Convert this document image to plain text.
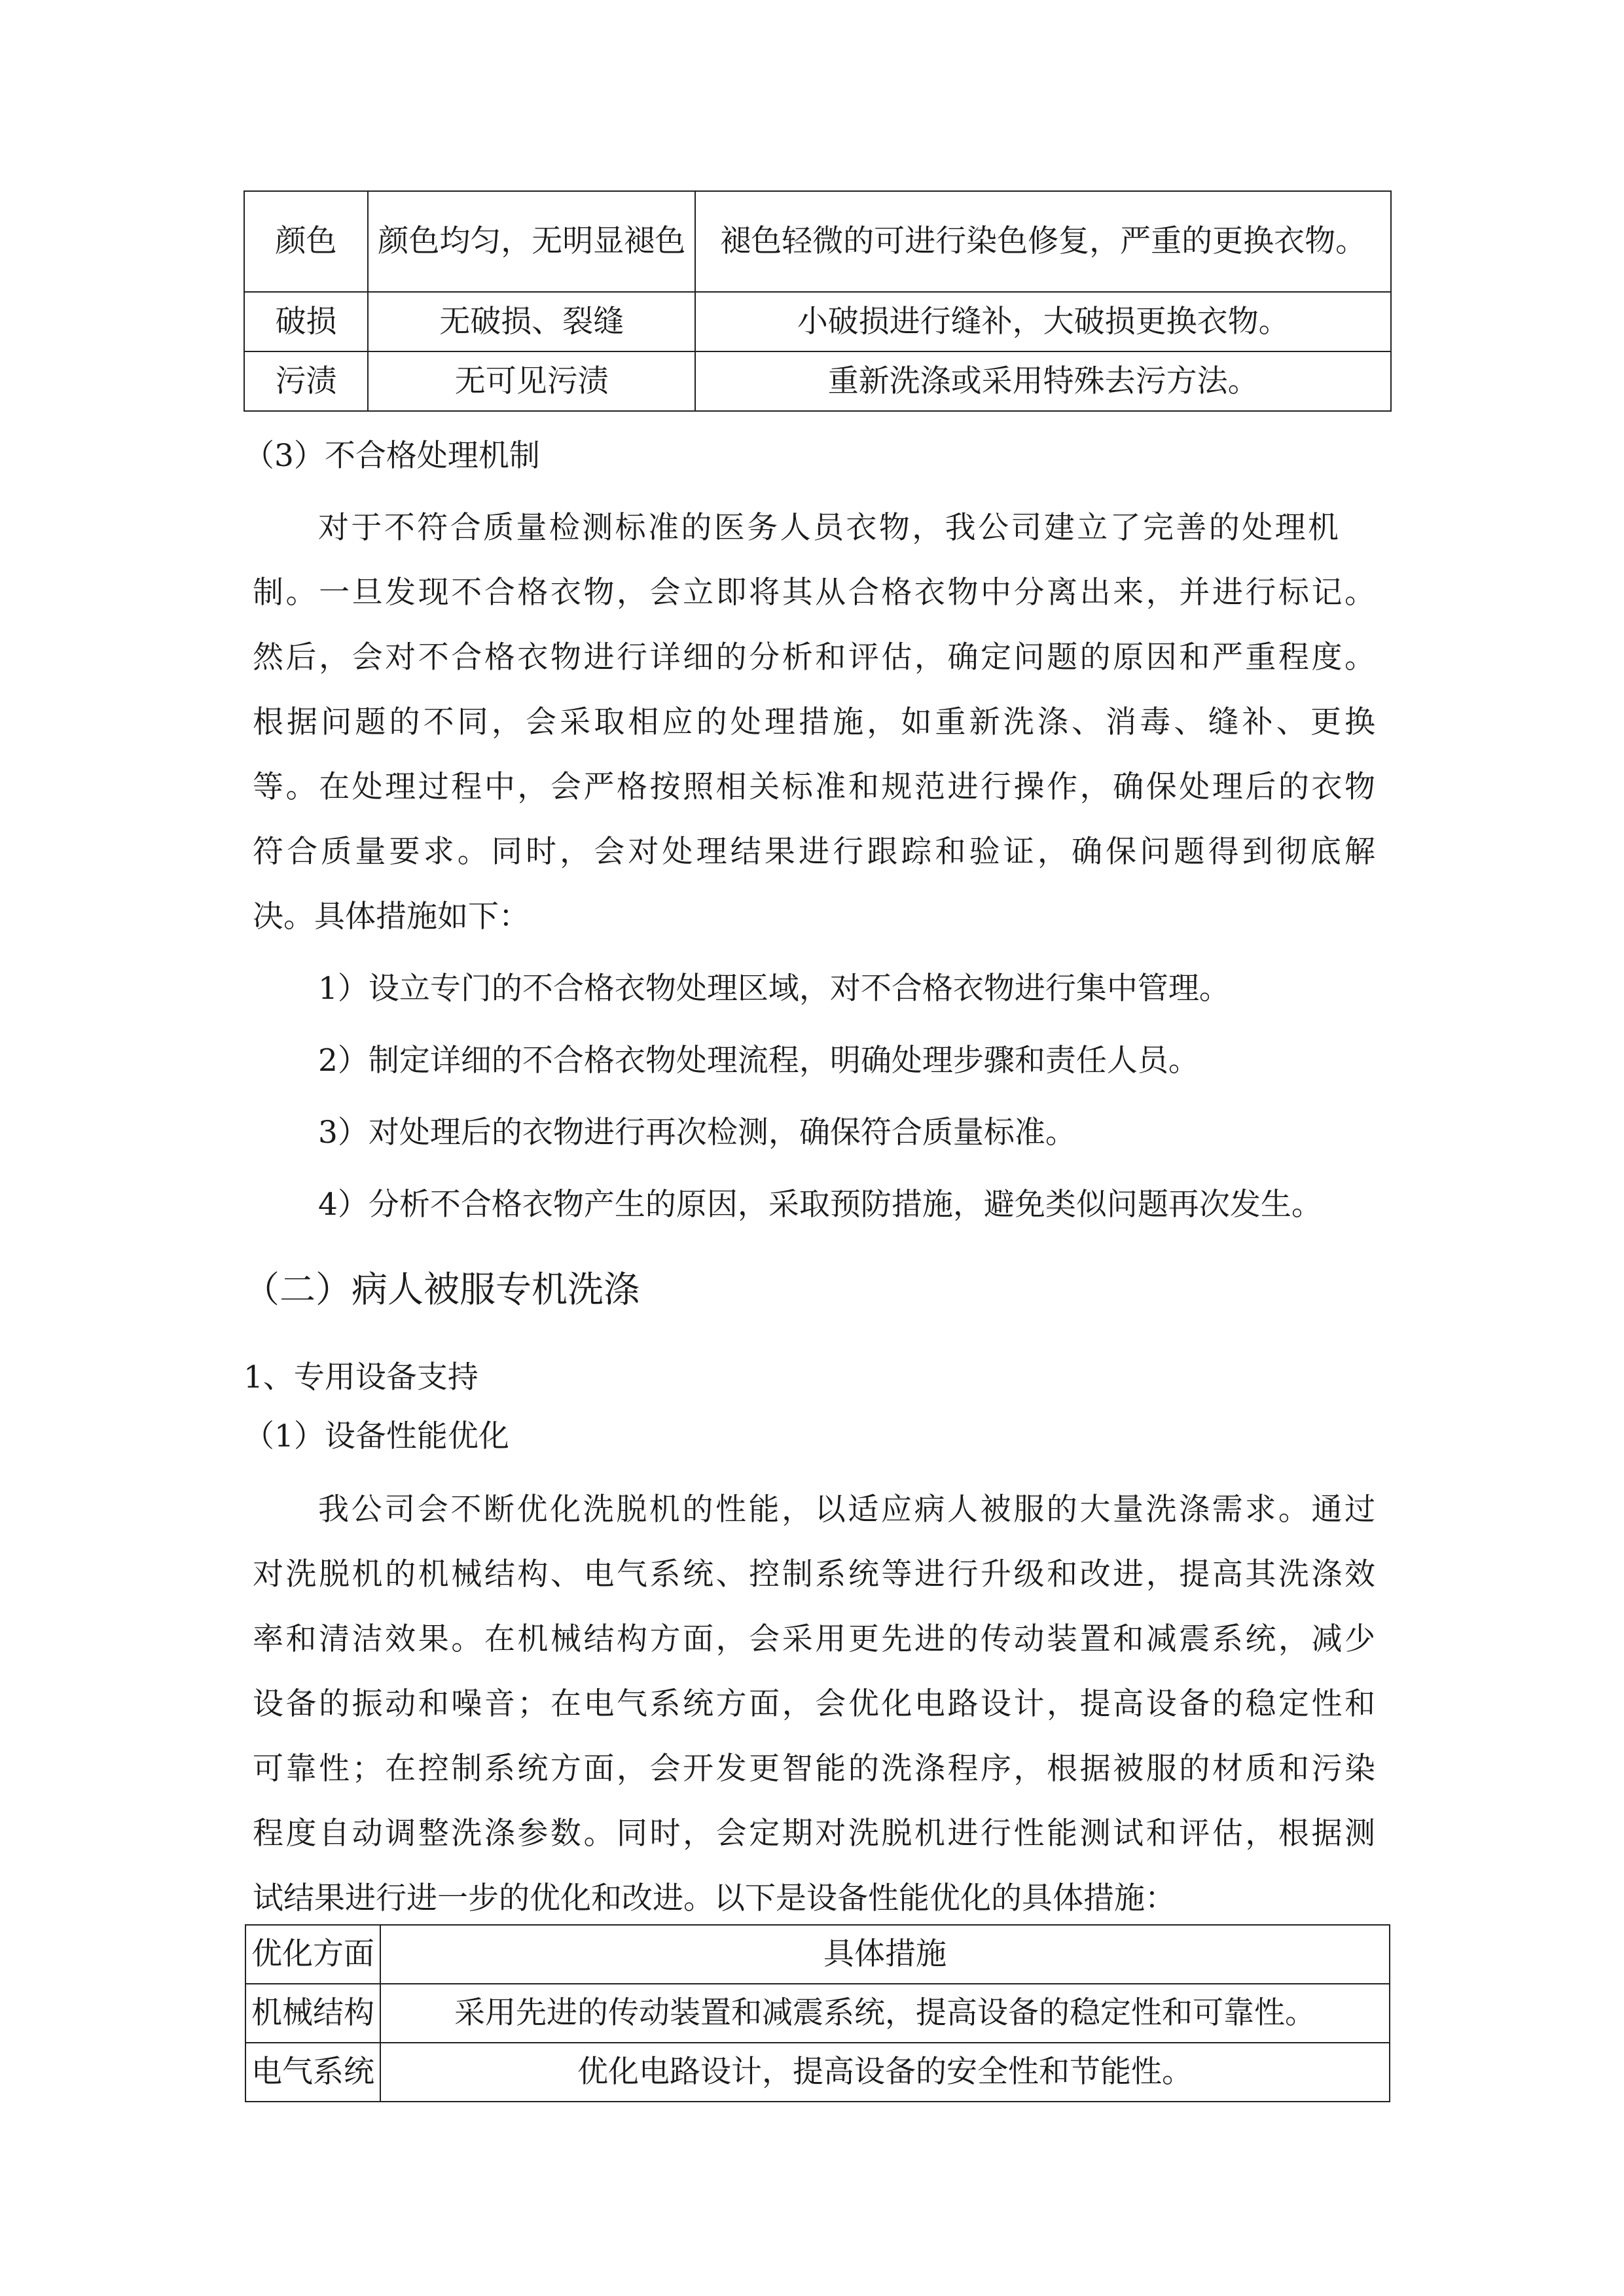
颜色	颜色均匀，无明显褪色	褪色轻微的可进行染色修复，严重的更换衣物。
破损	无破损、裂缝	小破损进行缝补，大破损更换衣物。
污渍	无可见污渍	重新洗涤或采用特殊去污方法。
（3）不合格处理机制
对于不符合质量检测标准的医务人员衣物，我公司建立了完善的处理机
制。一旦发现不合格衣物，会立即将其从合格衣物中分离出来，并进行标记。
然后，会对不合格衣物进行详细的分析和评估，确定问题的原因和严重程度。
根据问题的不同，会采取相应的处理措施，如重新洗涤、消毒、缝补、更换
等。在处理过程中，会严格按照相关标准和规范进行操作，确保处理后的衣物
符合质量要求。同时，会对处理结果进行跟踪和验证，确保问题得到彻底解
决。具体措施如下：
1）设立专门的不合格衣物处理区域，对不合格衣物进行集中管理。
2）制定详细的不合格衣物处理流程，明确处理步骤和责任人员。
3）对处理后的衣物进行再次检测，确保符合质量标准。
4）分析不合格衣物产生的原因，采取预防措施，避免类似问题再次发生。
（二）病人被服专机洗涤
1、专用设备支持
（1）设备性能优化
我公司会不断优化洗脱机的性能，以适应病人被服的大量洗涤需求。通过
对洗脱机的机械结构、电气系统、控制系统等进行升级和改进，提高其洗涤效
率和清洁效果。在机械结构方面，会采用更先进的传动装置和减震系统，减少
设备的振动和噪音；在电气系统方面，会优化电路设计，提高设备的稳定性和
可靠性；在控制系统方面，会开发更智能的洗涤程序，根据被服的材质和污染
程度自动调整洗涤参数。同时，会定期对洗脱机进行性能测试和评估，根据测
试结果进行进一步的优化和改进。以下是设备性能优化的具体措施：
优化方面	具体措施
机械结构	采用先进的传动装置和减震系统，提高设备的稳定性和可靠性。
电气系统	优化电路设计，提高设备的安全性和节能性。
